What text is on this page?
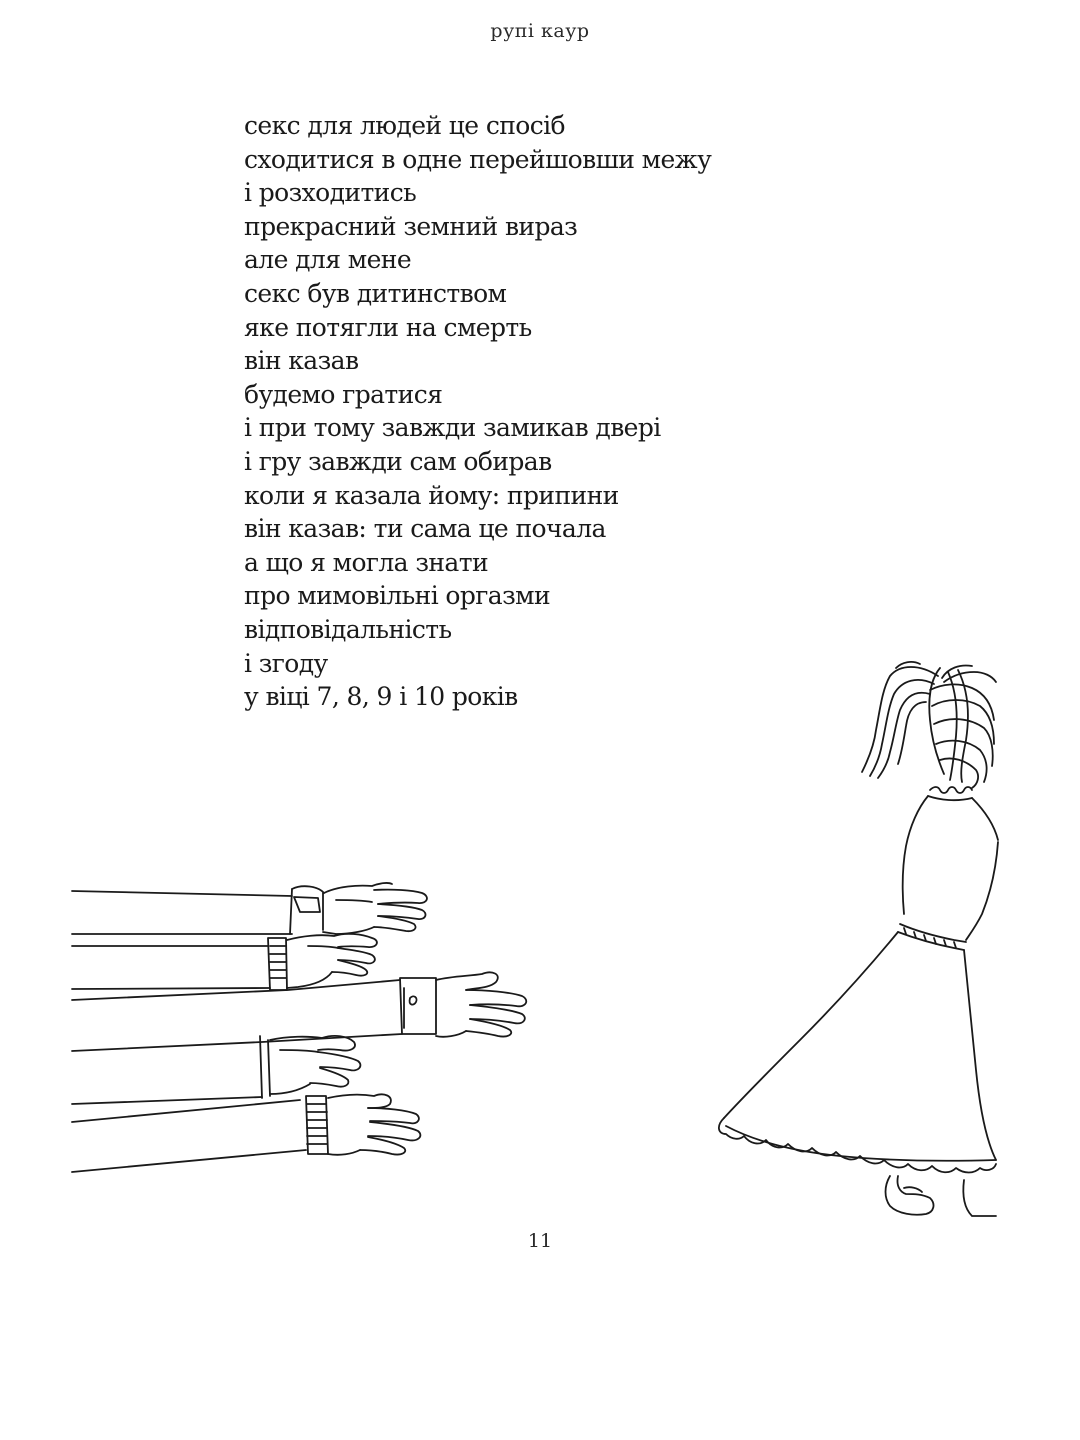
рупі каур
секс для людей це спосіб
сходитися в одне перейшовши межу
і розходитись
прекрасний земний вираз
але для мене
секс був дитинством
яке потягли на смерть
він казав
будемо гратися
і при тому завжди замикав двері
і гру завжди сам обирав
коли я казала йому: припини
він казав: ти сама це почала
а що я могла знати
про мимовільні оргазми
відповідальність
і згоду
у віці 7, 8, 9 і 10 років
11
